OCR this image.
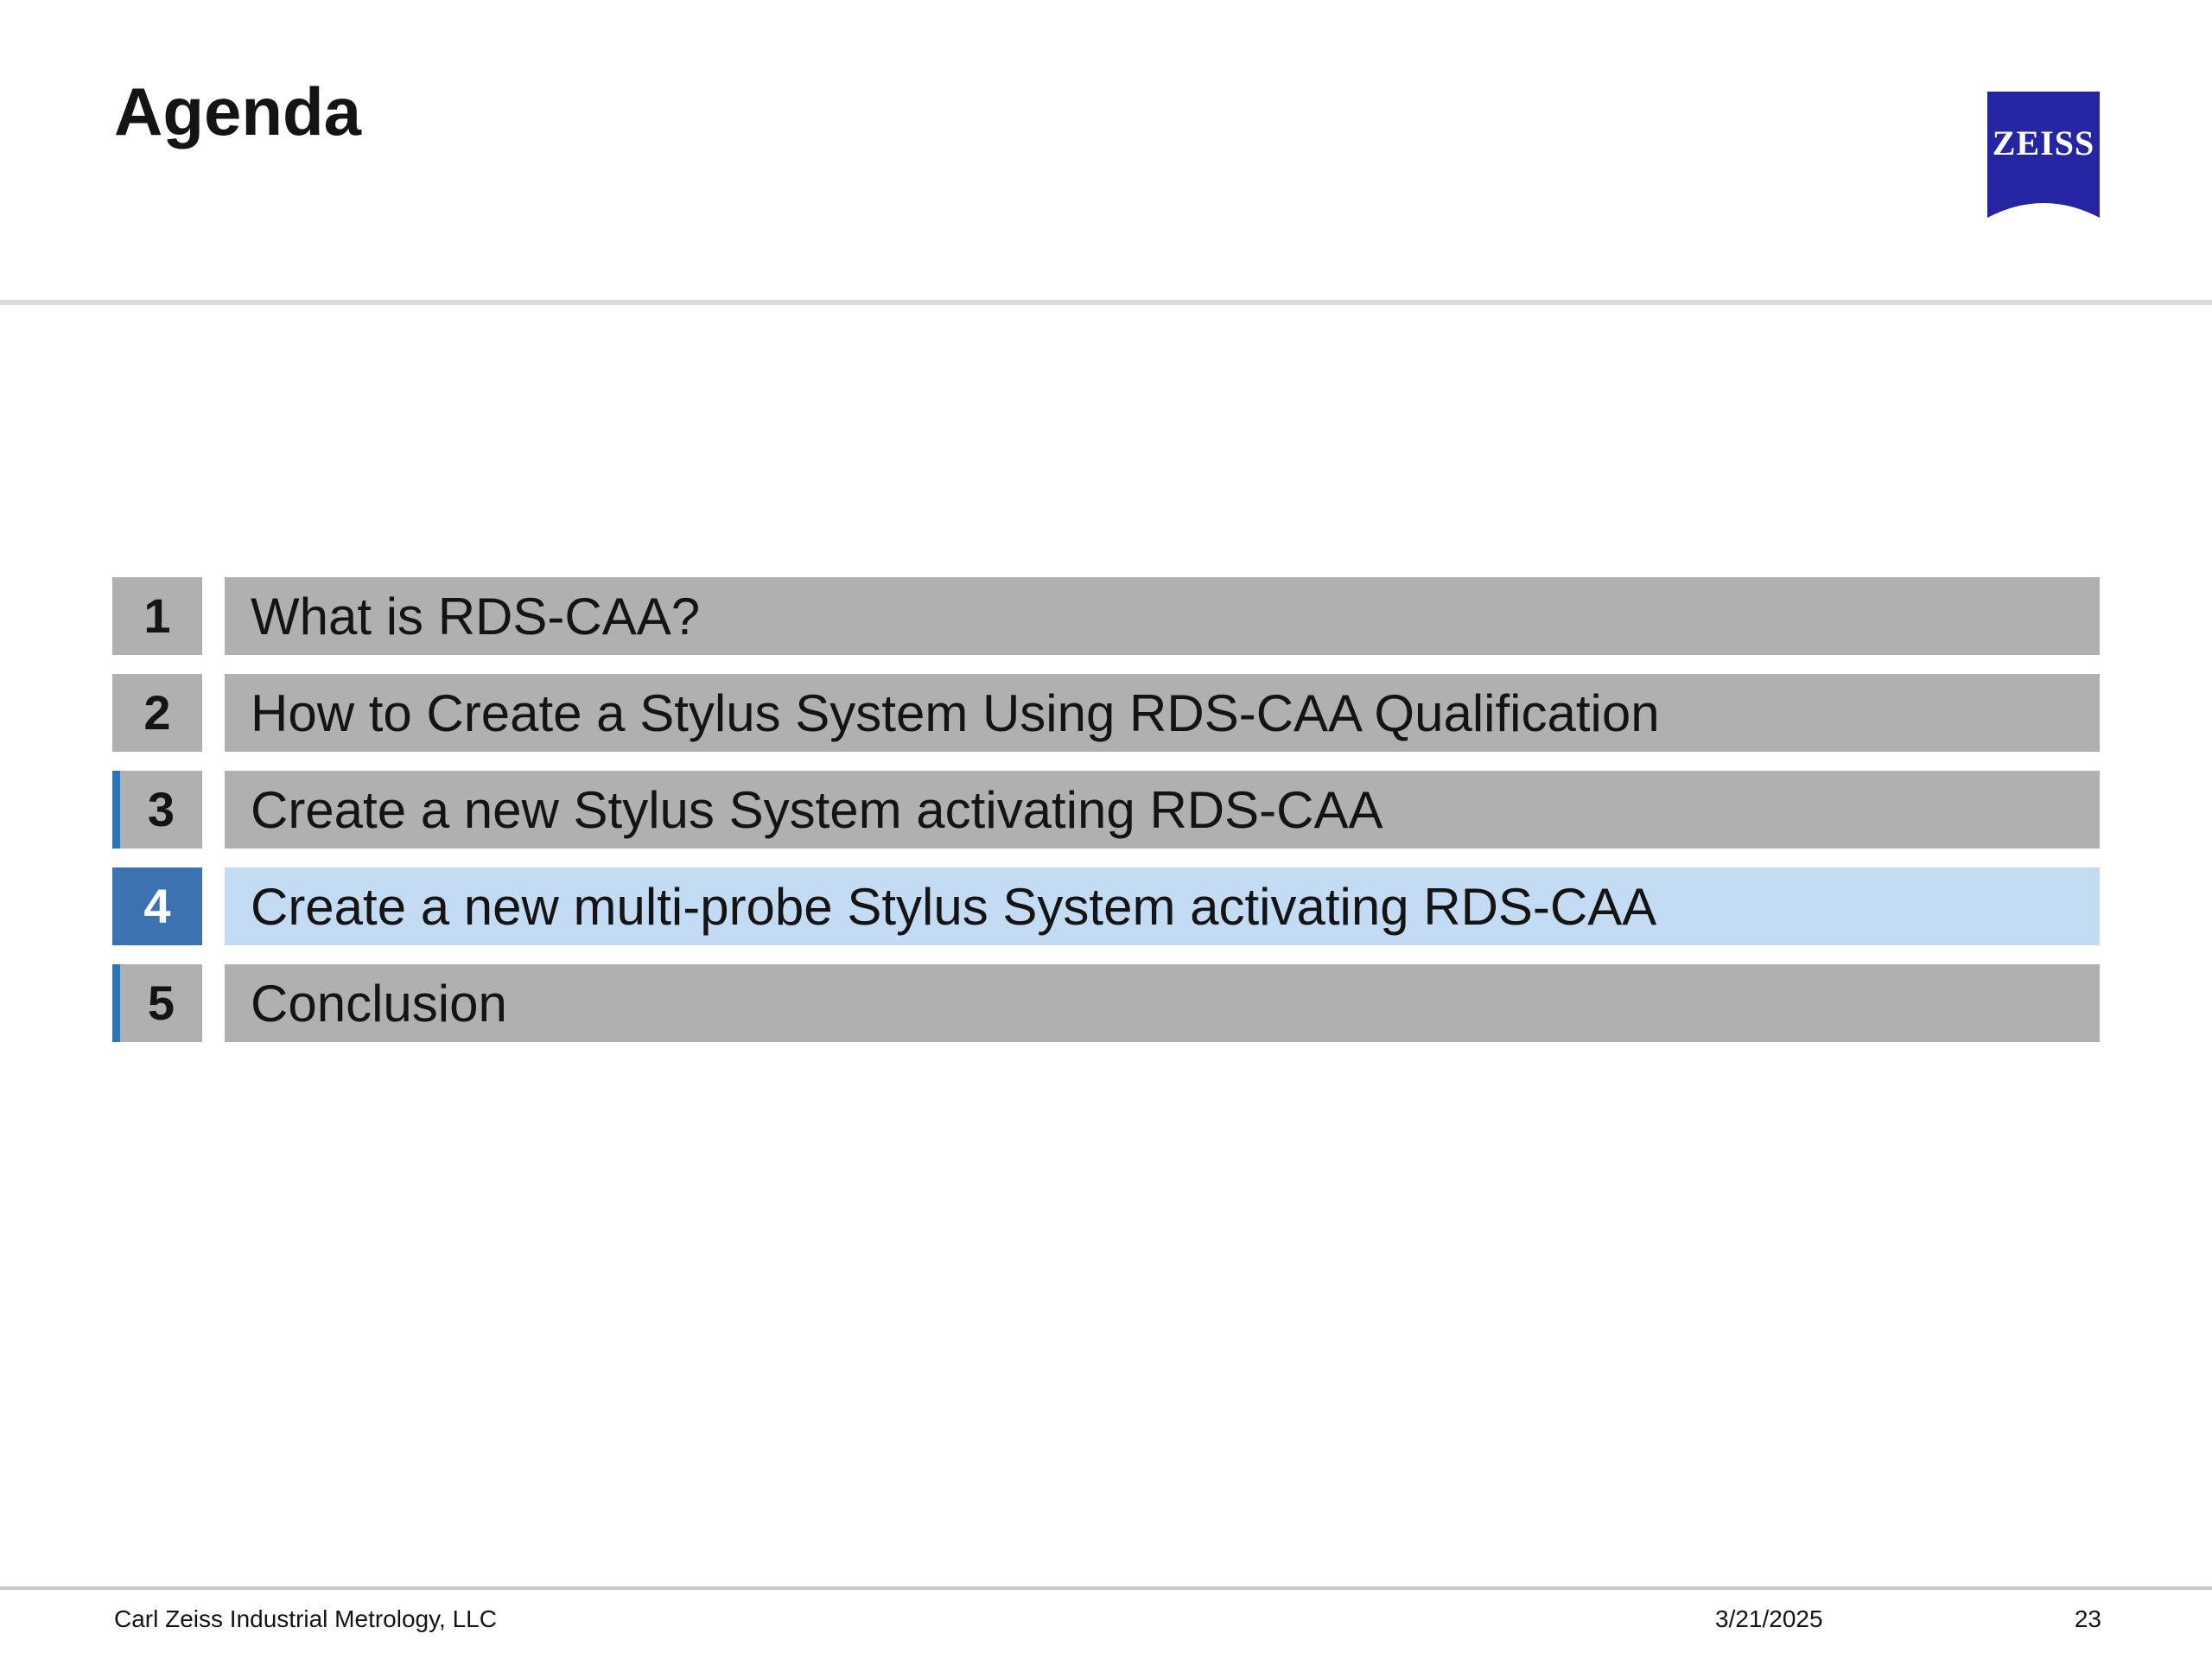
Agenda	ZEISS
1	What is RDS-CAA?
2	How to Create a Stylus System Using RDS-CAA Qualification
3	Create a new Stylus System activating RDS-CAA
4	Create a new multi-probe Stylus System activating RDS-CAA
5	Conclusion
Carl Zeiss Industrial Metrology, LLC	3/21/2025	23
